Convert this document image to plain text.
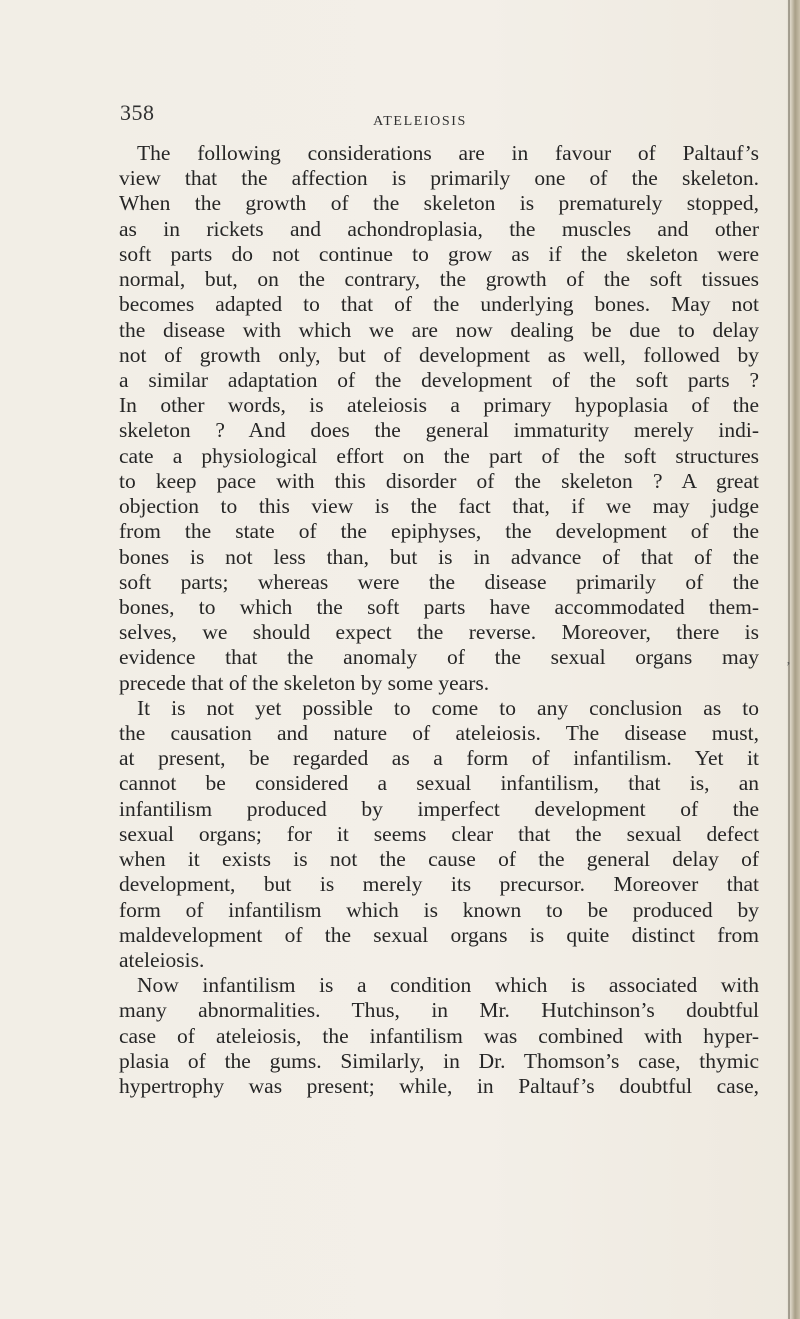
358	ATELEIOSIS
The following considerations are in favour of Paltauf’s
view that the affection is primarily one of the skeleton.
When the growth of the skeleton is prematurely stopped,
as in rickets and achondroplasia, the muscles and other
soft parts do not continue to grow as if the skeleton were
normal, but, on the contrary, the growth of the soft tissues
becomes adapted to that of the underlying bones. May not
the disease with which we are now dealing be due to delay
not of growth only, but of development as well, followed by
a similar adaptation of the development of the soft parts ?
In other words, is ateleiosis a primary hypoplasia of the
skeleton ? And does the general immaturity merely indi-
cate a physiological effort on the part of the soft structures
to keep pace with this disorder of the skeleton ? A great
objection to this view is the fact that, if we may judge
from the state of the epiphyses, the development of the
bones is not less than, but is in advance of that of the
soft parts; whereas were the disease primarily of the
bones, to which the soft parts have accommodated them-
selves, we should expect the reverse. Moreover, there is
evidence that the anomaly of the sexual organs may
precede that of the skeleton by some years.
It is not yet possible to come to any conclusion as to
the causation and nature of ateleiosis. The disease must,
at present, be regarded as a form of infantilism. Yet it
cannot be considered a sexual infantilism, that is, an
infantilism produced by imperfect development of the
sexual organs; for it seems clear that the sexual defect
when it exists is not the cause of the general delay of
development, but is merely its precursor. Moreover that
form of infantilism which is known to be produced by
maldevelopment of the sexual organs is quite distinct from
ateleiosis.
Now infantilism is a condition which is associated with
many abnormalities. Thus, in Mr. Hutchinson’s doubtful
case of ateleiosis, the infantilism was combined with hyper-
plasia of the gums. Similarly, in Dr. Thomson’s case, thymic
hypertrophy was present; while, in Paltauf’s doubtful case,
’
